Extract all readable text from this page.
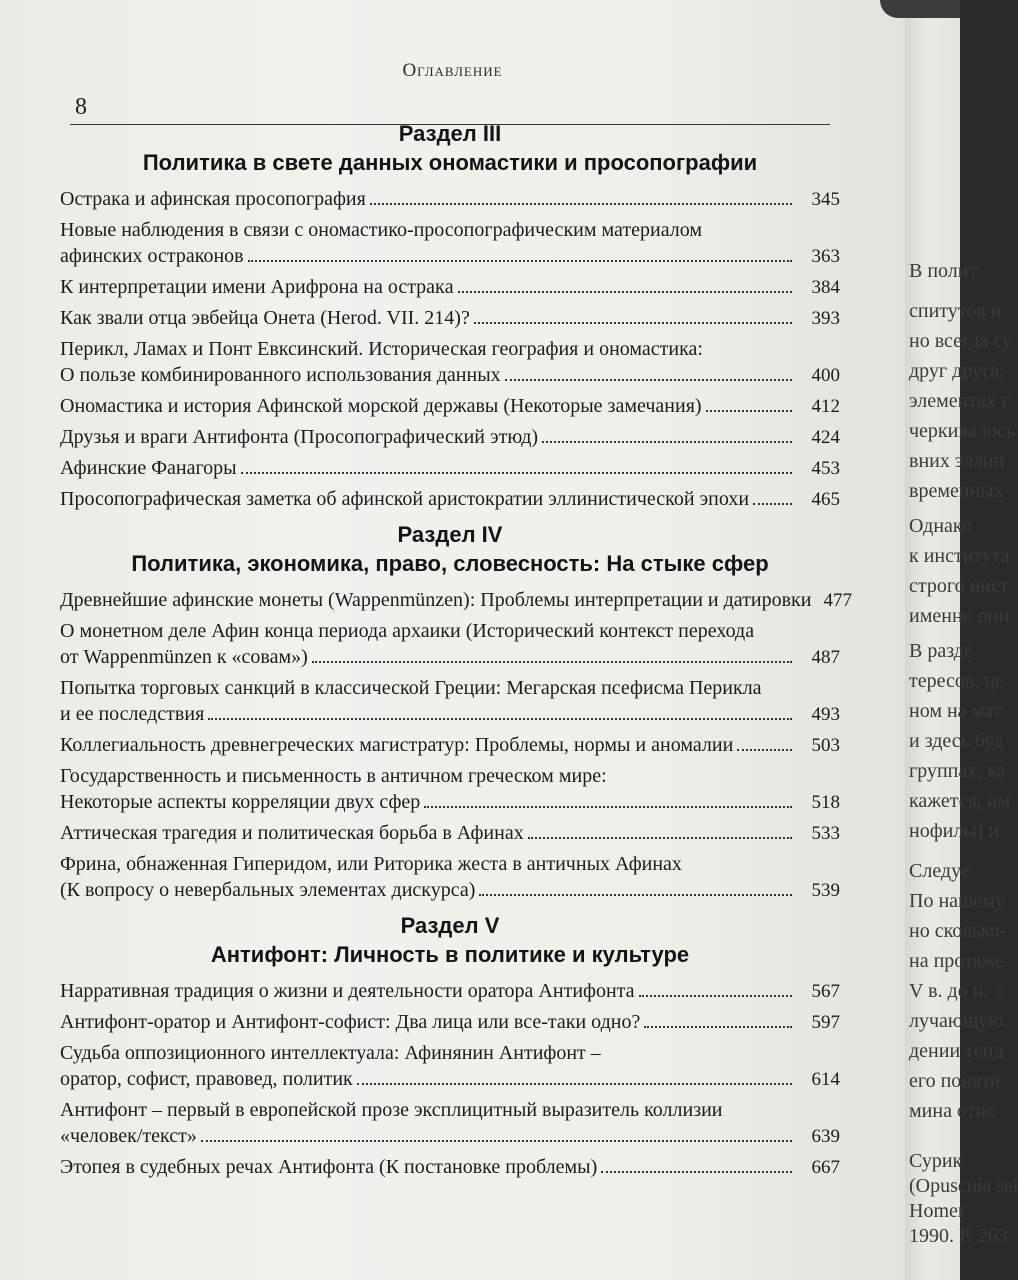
Оглавление
8
Раздел III
Политика в свете данных ономастики и просопографии
Остракa и афинская просопография	345
Новые наблюдения в связи с ономастико-просопографическим материалом
афинских остраконов	363
К интерпретации имени Арифрона на остракa	384
Как звали отца эвбейца Онета (Herod. VII. 214)?	393
Перикл, Ламах и Понт Евксинский. Историческая география и ономастика:
О пользе комбинированного использования данных	400
Ономастика и история Афинской морской державы (Некоторые замечания)	412
Друзья и враги Антифонта (Просопографический этюд)	424
Афинские Фанагоры	453
Просопографическая заметка об афинской аристократии эллинистической эпохи	465
Раздел IV
Политика, экономика, право, словесность: На стыке сфер
Древнейшие афинские монеты (Wappenmünzen): Проблемы интерпретации и датировки 477
О монетном деле Афин конца периода архаики (Исторический контекст перехода
от Wappenmünzen к «совам»)	487
Попытка торговых санкций в классической Греции: Мегарская псефисма Перикла
и ее последствия	493
Коллегиальность древнегреческих магистратур: Проблемы, нормы и аномалии	503
Государственность и письменность в античном греческом мире:
Некоторые аспекты корреляции двух сфер	518
Аттическая трагедия и политическая борьба в Афинах	533
Фрина, обнаженная Гиперидом, или Риторика жеста в античных Афинах
(К вопросу о невербальных элементах дискурса)	539
Раздел V
Антифонт: Личность в политике и культуре
Нарративная традиция о жизни и деятельности оратора Антифонта	567
Антифонт-оратор и Антифонт-софист: Два лица или все-таки одно?	597
Судьба оппозиционного интеллектуала: Афинянин Антифонт –
оратор, софист, правовед, политик	614
Антифонт – первый в европейской прозе эксплицитный выразитель коллизии
«человек/текст»	639
Этопея в судебных речах Антифонта (К постановке проблемы)	667
В полит
спитутов и
но всегда су
друг друга.
элементах г
черкивалось
вних эллин
временных
Однако
к институтa
строго инст
именно они
В разде
тересов, це
ном на мат
и здесь буд
группах, ка
кажется, им
нофилы) и
Следуе
По нашему
но сколько-
на протяже
V в. до н. э
лучающую
дении тенд
его поняти
мина отно
Сурик
(Opuscula sel
Homer
1990. P. 263
